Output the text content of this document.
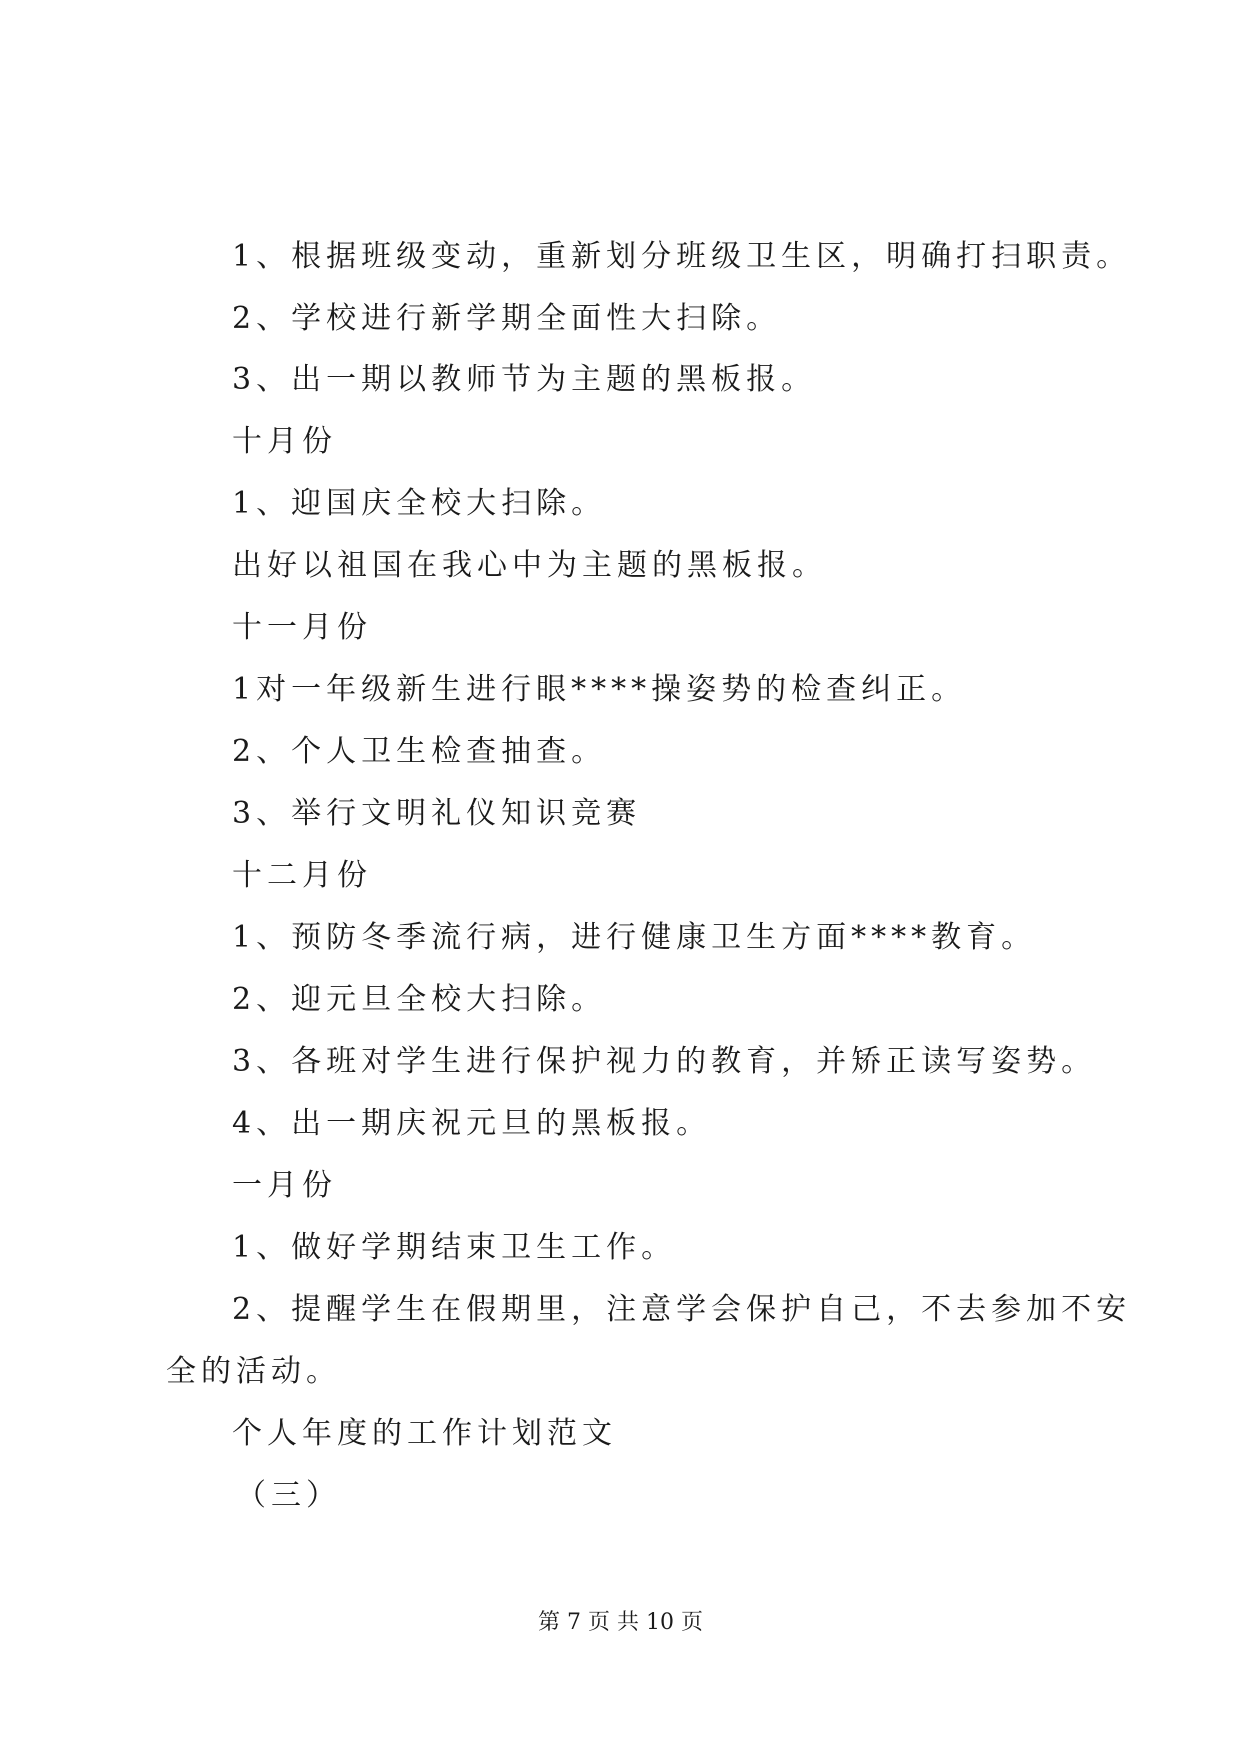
1、根据班级变动，重新划分班级卫生区，明确打扫职责。
2、学校进行新学期全面性大扫除。
3、出一期以教师节为主题的黑板报。
十月份
1、迎国庆全校大扫除。
出好以祖国在我心中为主题的黑板报。
十一月份
1对一年级新生进行眼****操姿势的检查纠正。
2、个人卫生检查抽查。
3、举行文明礼仪知识竞赛
十二月份
1、预防冬季流行病，进行健康卫生方面****教育。
2、迎元旦全校大扫除。
3、各班对学生进行保护视力的教育，并矫正读写姿势。
4、出一期庆祝元旦的黑板报。
一月份
1、做好学期结束卫生工作。
2、提醒学生在假期里，注意学会保护自己，不去参加不安
全的活动。
个人年度的工作计划范文
（三）
第 7 页 共 10 页
